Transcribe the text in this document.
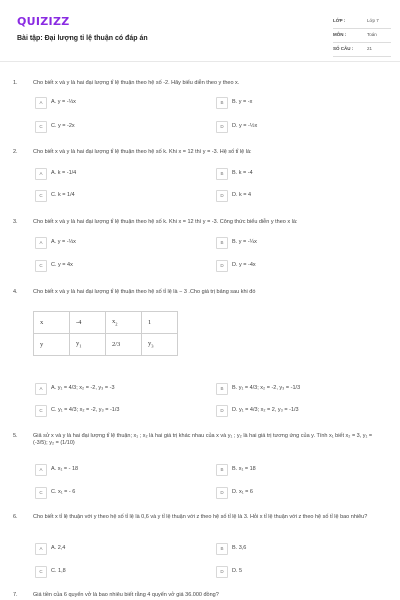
QUIZIZZ
Bài tập: Đại lượng tỉ lệ thuận có đáp án
LỚP :	Lớp 7
MÔN :	Toán
SỐ CÂU :	21
1.	Cho biết x và y là hai đại lượng tỉ lệ thuận theo hệ số -2. Hãy biểu diễn theo y theo x.
A	A. y = -⅓x	B	B. y = -x
C	C. y = -2x	D	D. y = -½x
2.	Cho biết x và y là hai đại lượng tỉ lệ thuận theo hệ số k. Khi x = 12 thì y = -3. Hệ số tỉ lệ là:
A	A. k = -1/4	B	B. k = -4
C	C. k = 1/4	D	D. k = 4
3.	Cho biết x và y là hai đại lượng tỉ lệ thuận theo hệ số k. Khi x = 12 thì y = -3. Công thức biểu diễn y theo x là:
A	A. y = -⅓x	B	B. y = -¼x
C	C. y = 4x	D	D. y = -4x
4.	Cho biết x và y là hai đại lượng tỉ lệ thuận theo hệ số tỉ lệ là − 3 .Cho giá trị bảng sau khi đó
x	-4	$x_2$	1
y	$y_1$	2/3	$y_3$
A	A. y₁ = 4/3; x₂ = -2, y₃ = -3	B	B. y₁ = 4/3; x₂ = -2, y₃ = -1/3
C	C. y₁ = 4/3; x₂ = -2, y₃ = -1/3	D	D. y₁ = 4/3; x₂ = 2, y₃ = -1/3
5.	Giả sử x và y là hai đại lượng tỉ lệ thuận; x₁ ; x₂ là hai giá trị khác nhau của x và y₁ ; y₂ là hai giá trị tương ứng của y. Tính x₁ biết x₂ = 3, y₁ = (-3/5); y₂ = (1/10)
A	A. x₁ = - 18	B	B. x₁ = 18
C	C. x₁ = - 6	D	D. x₁ = 6
6.	Cho biết x tỉ lệ thuận với y theo hệ số tỉ lệ là 0,6 và y tỉ lệ thuận với z theo hệ số tỉ lệ là 3. Hỏi x tỉ lệ thuận với z theo hệ số tỉ lệ bao nhiêu?
A	A. 2,4	B	B. 3,6
C	C. 1,8	D	D. 5
7.	Giá tiền của 6 quyển vở là bao nhiêu biết rằng 4 quyển vở giá 36.000 đồng?
